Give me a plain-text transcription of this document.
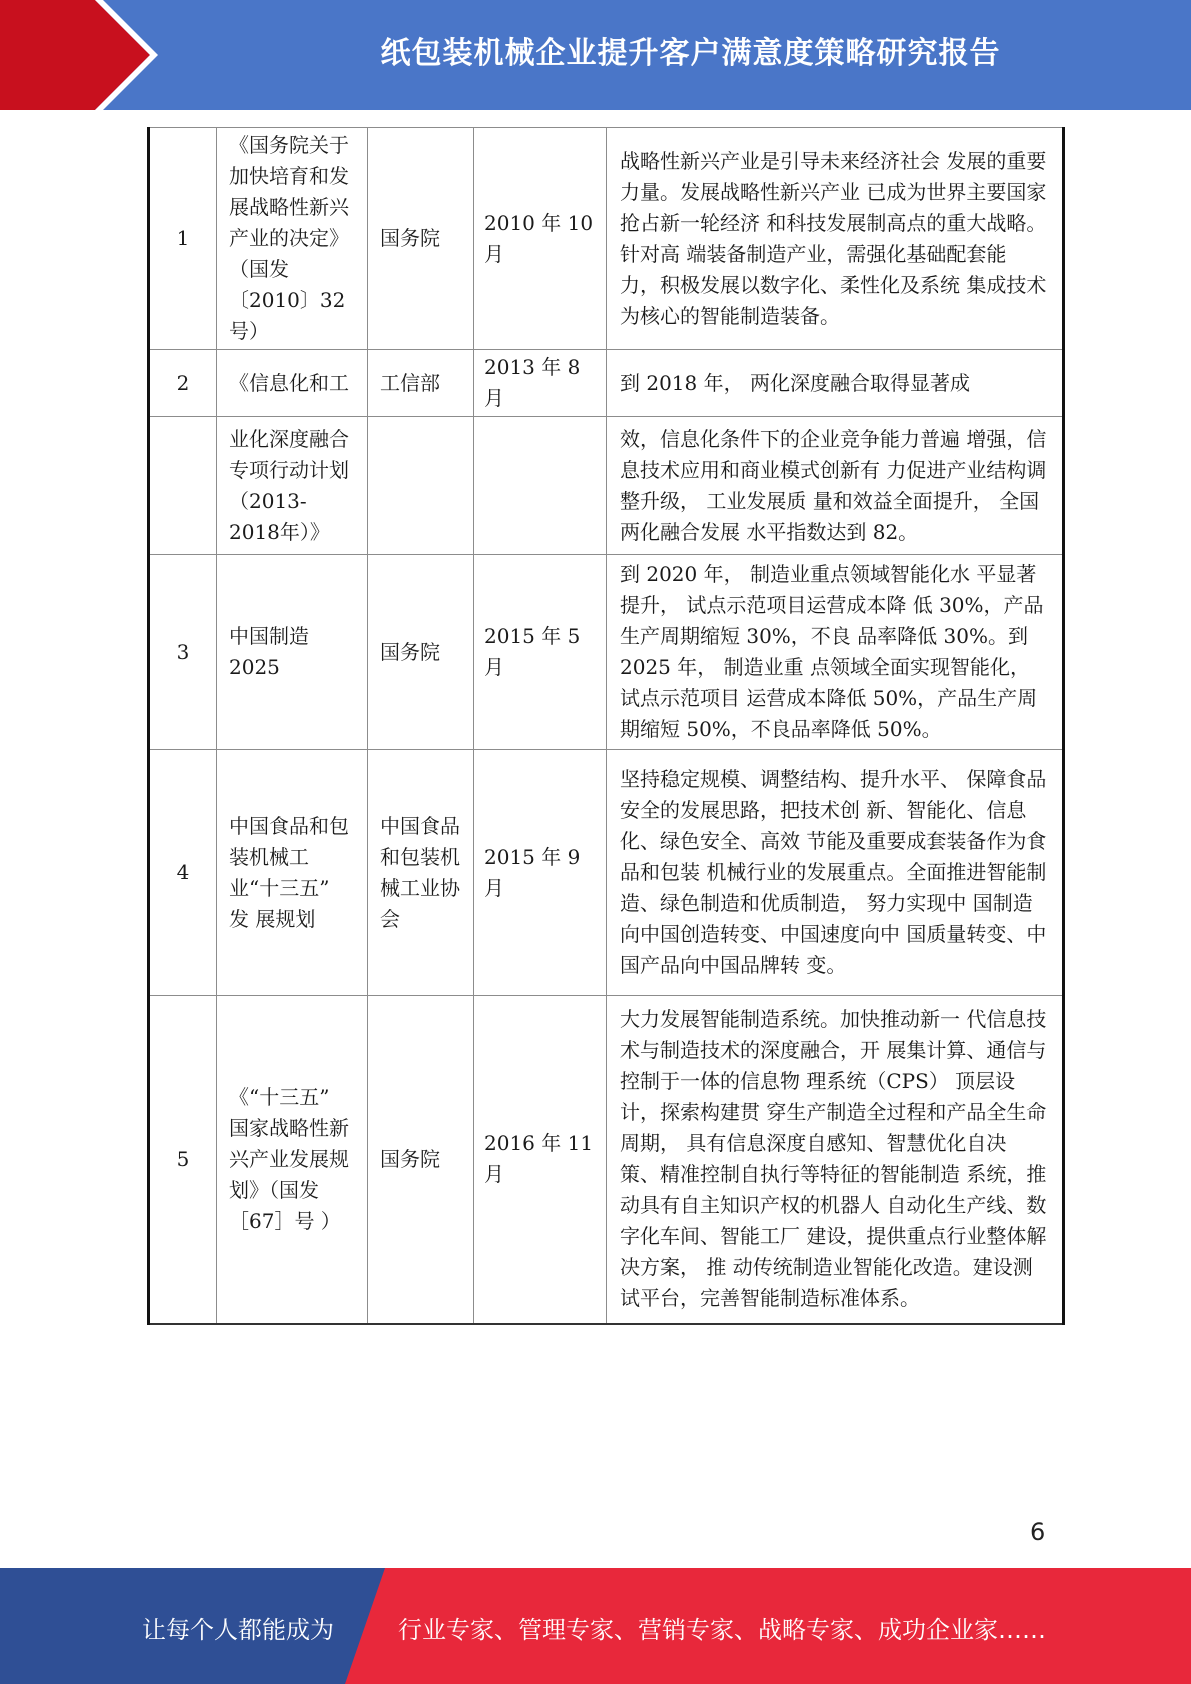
纸包装机械企业提升客户满意度策略研究报告
1	《国务院关于加快培育和发展战略性新兴产业的决定》（国发〔2010〕32号）	国务院	2010 年 10 月	战略性新兴产业是引导未来经济社会 发展的重要力量。发展战略性新兴产业 已成为世界主要国家抢占新一轮经济 和科技发展制高点的重大战略。针对高 端装备制造产业，需强化基础配套能 力，积极发展以数字化、柔性化及系统 集成技术为核心的智能制造装备。
2	《信息化和工	工信部	2013 年 8 月	到 2018 年， 两化深度融合取得显著成
	业化深度融合专项行动计划（2013-2018年）》			效，信息化条件下的企业竞争能力普遍 增强，信息技术应用和商业模式创新有 力促进产业结构调整升级， 工业发展质 量和效益全面提升， 全国两化融合发展 水平指数达到 82。
3	中国制造 2025	国务院	2015 年 5 月	到 2020 年， 制造业重点领域智能化水 平显著提升， 试点示范项目运营成本降 低 30%，产品生产周期缩短 30%，不良 品率降低 30%。到 2025 年， 制造业重 点领域全面实现智能化， 试点示范项目 运营成本降低 50%，产品生产周期缩短 50%，不良品率降低 50%。
4	中国食品和包装机械工业“十三五” 发 展规划	中国食品和包装机械工业协会	2015 年 9 月	坚持稳定规模、调整结构、提升水平、 保障食品安全的发展思路，把技术创 新、智能化、信息化、绿色安全、高效 节能及重要成套装备作为食品和包装 机械行业的发展重点。全面推进智能制 造、绿色制造和优质制造， 努力实现中 国制造向中国创造转变、中国速度向中 国质量转变、中国产品向中国品牌转 变。
5	《“十三五” 国家战略性新 兴产业发展规划》（国发［67］号 ）	国务院	2016 年 11 月	大力发展智能制造系统。加快推动新一 代信息技术与制造技术的深度融合，开 展集计算、通信与控制于一体的信息物 理系统（CPS） 顶层设计，探索构建贯 穿生产制造全过程和产品全生命周期， 具有信息深度自感知、智慧优化自决 策、精准控制自执行等特征的智能制造 系统，推动具有自主知识产权的机器人 自动化生产线、数字化车间、智能工厂 建设，提供重点行业整体解决方案， 推 动传统制造业智能化改造。建设测试平台，完善智能制造标准体系。
6
让每个人都能成为	行业专家、管理专家、营销专家、战略专家、成功企业家……
